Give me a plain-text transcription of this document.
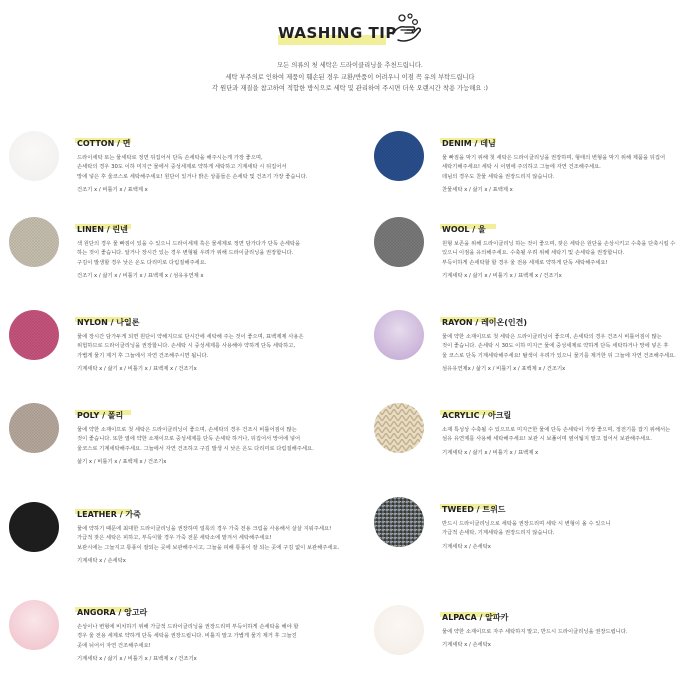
WASHING TIP

모든 의류의 첫 세탁은 드라이클리닝을 추천드립니다.

세탁 부주의로 인하여 제품이 훼손된 경우 교환/반품이 어려우니 이점 꼭 유의 부탁드립니다

각 원단과 재질을 참고하여 적합한 방식으로 세탁 및 관리하여 주시면 더욱 오랜시간 착용 가능해요 :)

COTTON / 면

드라이세탁 또는 물세탁로 정면 뒤집어서 단독 손세탁을 해주시는게 가장 좋으며,

손세탁의 경우 30도 이하 미지근 물에서 중성세제로 약하게 세탁하고 기계세탁 시 뒤집어서

망에 넣은 후 울코스로 세탁해주세요! 원단이 있거나 밝은 상품들은 손세탁 및 건조기 가장 좋습니다.

건조기 x / 비틀기 x / 표백제 x
DENIM / 데님

물 빠짐을 막기 위해 첫 세탁은 드라이클리닝을 권장하며, 형태의 변형을 막기 위해 제품을 뒤집어

세탁기해주세요! 세탁 시 이염에 주의하고 그늘에 자연 건조해주세요.

데님의 경우도 찬물 세탁을 권장드리지 않습니다.

찬물세탁 x / 삶기 x / 표백제 x
LINEN / 린넨

색 원단의 경우 물 빠짐이 있을 수 있으니 드라이세제 혹은 물세제로 정면 담가다가 단독 손세탁을

하는 것이 좋습니다. 알거나 장시간 있는 경우 변형될 우려가 위해 드라이클리닝을 권장합니다.

구김이 발생할 경우 낮은 온도 다리미로 다림질해주세요.

건조기 x / 삶기 x / 비틀기 x / 표백제 x / 섬유유연제 x
WOOL / 울

원형 보존을 위해 드라이클리닝 하는 것이 좋으며, 잦은 세탁은 원단을 손상시키고 수축을 단축시킬 수

있으니 이점을 유의해주세요. 수축될 우려 위해 세탁기 및 손세탁을 권장합니다.

부득이하게 손세탁할 할 경우 울 전용 세제로 약하게 단독 세탁해주세요!

기계세탁 x / 삶기 x / 비틀기 x / 표백제 x / 건조기x
NYLON / 나일론

물에 장시간 담가두게 되면 원단이 약해지므로 단시간에 세탁해 주는 것이 좋으며, 표백제제 사용은

위험하므로 드라이클리닝을 권장합니다. 손세탁 시 중성세제를 사용해야 약하게 단독 세탁하고,

가볍게 물기 제거 후 그늘에서 자연 건조해주시면 됩니다.

기계세탁 x / 삶기 x / 비틀기 x / 표백제 x / 건조기x
RAYON / 레이온(인견)

물에 약한 소재이므로 첫 세탁은 드라이클리닝이 좋으며, 손세탁의 경우 건조시 비틀어짐이 많는

것이 좋습니다. 손세탁 시 30도 이하 미지근 물에 중성세제로 약하게 단독 세탁하거나 망에 넣은 후

울 코스로 단독 기계세탁해주세요! 탈색이 우려가 있으니 물기를 제거한 뒤 그늘에 자연 건조해주세요.

섬유유연제x / 삶기 x / 비틀기 x / 표백제 x / 건조기x
POLY / 폴리

물에 약한 소재이므로 첫 세탁은 드라이클리닝이 좋으며, 손세탁의 경우 건조시 비틀어짐이 많는

것이 좋습니다. 또한 열에 약한 소재이므로 중성세제를 단독 손세탁 하거나, 뒤집어서 망어에 넣어

울코스로 기계세탁해주세요. 그늘에서 자연 건조하고 구김 발생 시 낮은 온도 다리미로 다림질해주세요.

삶기 x / 비틀기 x / 표백제 x / 건조기x
ACRYLIC / 아크릴

소재 특성상 수축될 수 있으므로 미지근한 물에 단독 손세탁이 가장 좋으며, 정전기를 잡기 위해서는

섬유 유연제를 사용해 세탁해주세요! 보관 시 보풀이며 옆어뒇지 말고 접어서 보관해주세요.

기계세탁 x / 삶기 x / 비틀기 x / 표백제 x
LEATHER / 가죽

물에 약하기 때문에 최대한 드라이클리닝을 권장하며 얼룩의 경우 가죽 전용 크림을 사용해서 살살 지워주세요!

가급적 잦은 세탁은 피하고, 부득이할 경우 가죽 전문 세탁소에 맡겨서 세탁해주세요!

보관시에는 그늘지고 통풍이 잘되는 곳에 보관해주시고, 그늘을 피해 통풍이 잘 되는 곳에 구김 없이 보관해주세요.

기계세탁 x / 손세탁x
TWEED / 트위드

반드시 드라이클리닝으로 세탁을 권장드리며 세탁 시 변형이 올 수 있으니

가급적 손세탁, 기계세탁을 권장드리지 않습니다.

기계세탁 x / 손세탁x
ANGORA / 앙고라

손상이나 변형에 비치하기 위해 가급적 드라이클리닝을 권장드리며 부득이하게 손세탁을 해야 할

경우 울 전용 세제로 약하게 단독 세탁을 권장드립니다. 비틀지 말고 가볍게 물기 제거 후 그늘진

곳에 뉘어서 자연 건조해주세요!

기계세탁 x / 삶기 x / 비틀기 x / 표백제 x / 건조기x
ALPACA / 알파카

물에 약한 소재이므로 자주 세탁하지 말고, 반드시 드라이클리닝을 권장드립니다.

기계세탁 x / 손세탁x
